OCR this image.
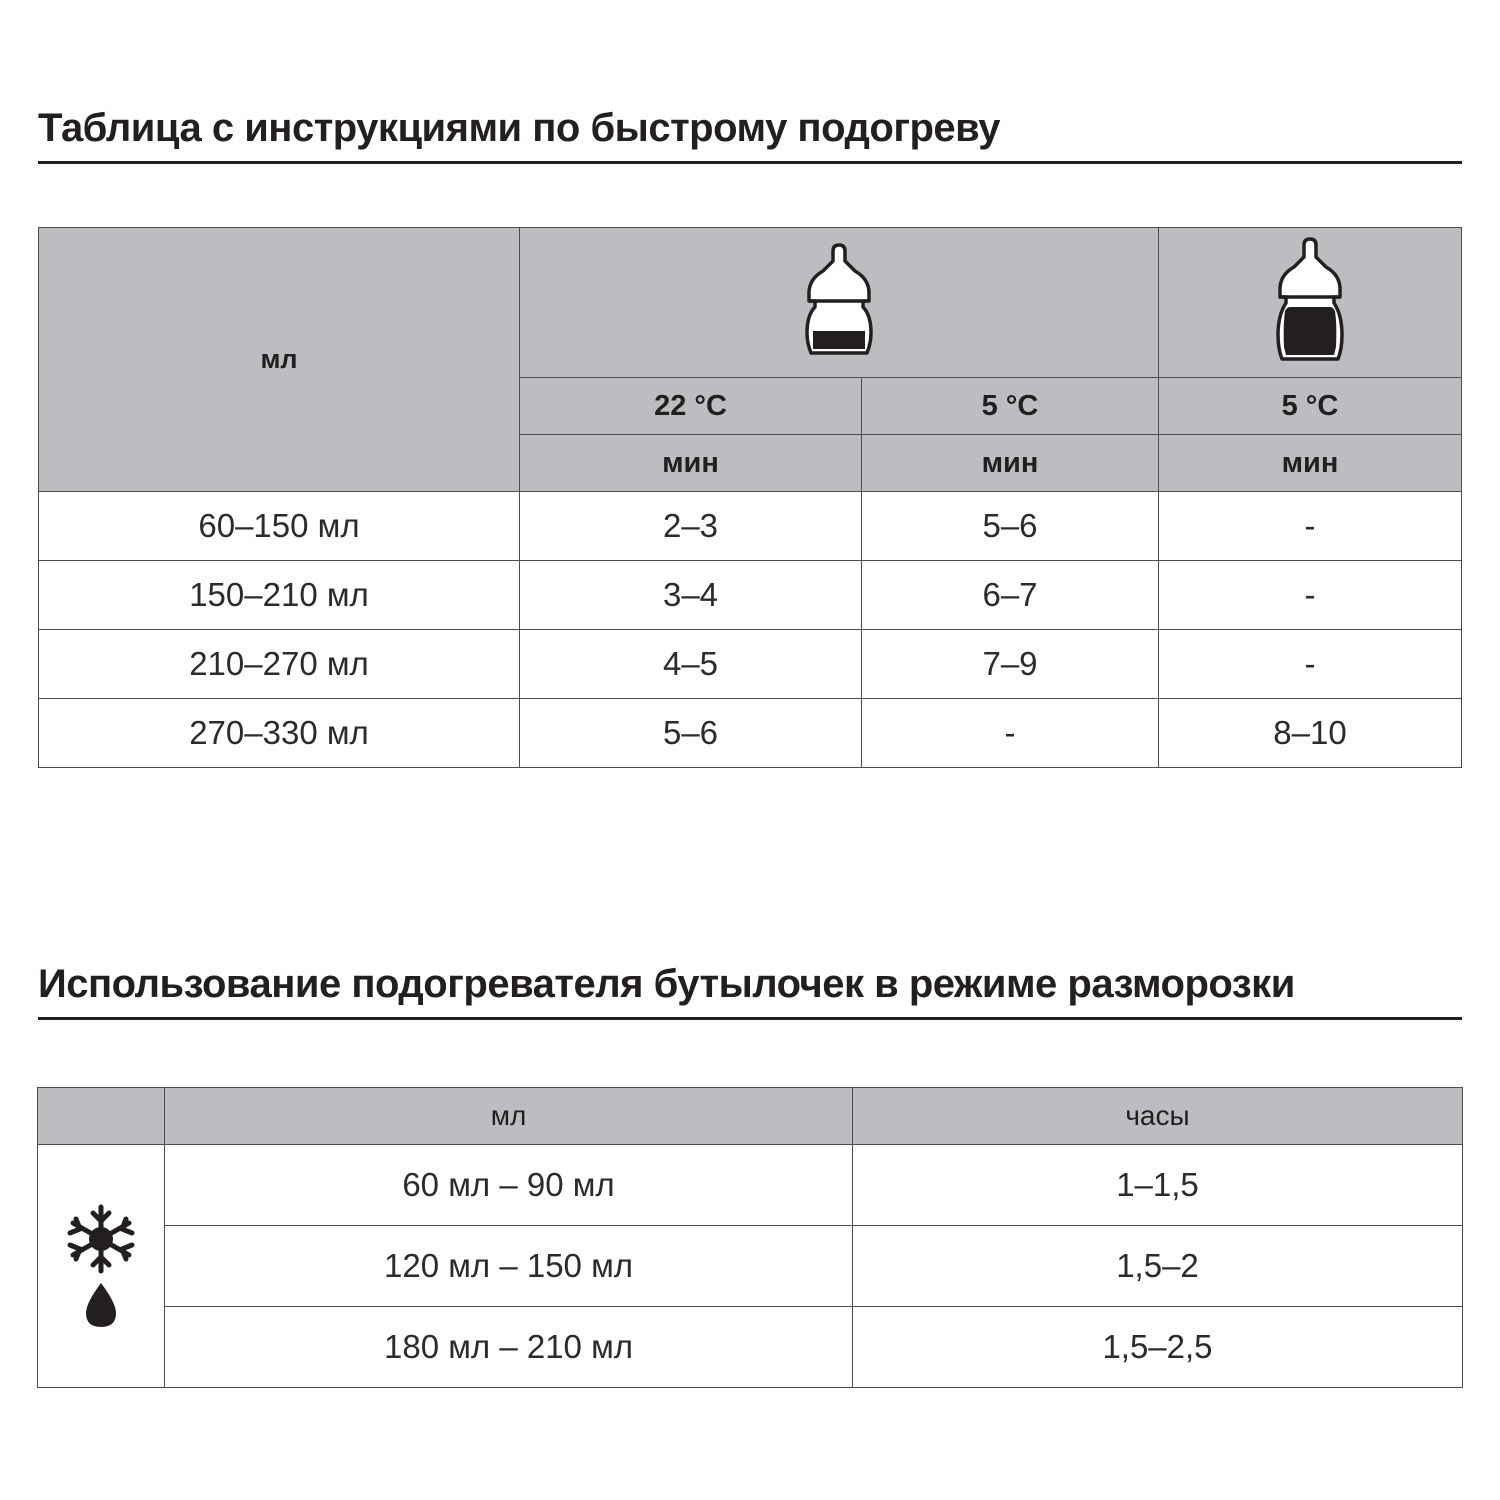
Таблица с инструкциями по быстрому подогреву
мл	

	22 °C	5 °C	5 °C
	мин	мин	мин
60–150 мл	2–3	5–6	-
150–210 мл	3–4	6–7	-
210–270 мл	4–5	7–9	-
270–330 мл	5–6	-	8–10
Использование подогревателя бутылочек в режиме разморозки
	мл	часы

	60 мл – 90 мл	1–1,5
	120 мл – 150 мл	1,5–2
	180 мл – 210 мл	1,5–2,5
